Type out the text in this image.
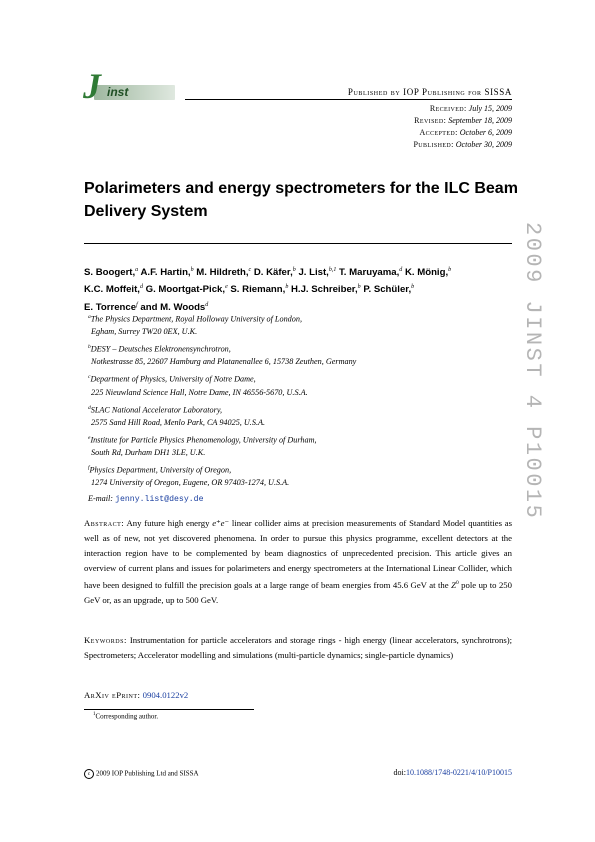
J inst	Published by IOP Publishing for SISSA
Received: July 15, 2009
Revised: September 18, 2009
Accepted: October 6, 2009
Published: October 30, 2009
Polarimeters and energy spectrometers for the ILC Beam Delivery System
2009 JINST 4 P10015
S. Boogert,$^a$ A.F. Hartin,$^b$ M. Hildreth,$^c$ D. Käfer,$^b$ J. List,$^{b,1}$ T. Maruyama,$^d$ K. Mönig,$^b$
K.C. Moffeit,$^d$ G. Moortgat-Pick,$^e$ S. Riemann,$^b$ H.J. Schreiber,$^b$ P. Schüler,$^b$
E. Torrence$^f$ and M. Woods$^d$
$^a$The Physics Department, Royal Holloway University of London,
Egham, Surrey TW20 0EX, U.K.
$^b$DESY – Deutsches Elektronensynchrotron,
Notkestrasse 85, 22607 Hamburg and Platanenallee 6, 15738 Zeuthen, Germany
$^c$Department of Physics, University of Notre Dame,
225 Nieuwland Science Hall, Notre Dame, IN 46556-5670, U.S.A.
$^d$SLAC National Accelerator Laboratory,
2575 Sand Hill Road, Menlo Park, CA 94025, U.S.A.
$^e$Institute for Particle Physics Phenomenology, University of Durham,
South Rd, Durham DH1 3LE, U.K.
$^f$Physics Department, University of Oregon,
1274 University of Oregon, Eugene, OR 97403-1274, U.S.A.
E-mail: jenny.list@desy.de
Abstract: Any future high energy e⁺e⁻ linear collider aims at precision measurements of Standard Model quantities as well as of new, not yet discovered phenomena. In order to pursue this physics programme, excellent detectors at the interaction region have to be complemented by beam diagnostics of unprecedented precision. This article gives an overview of current plans and issues for polarimeters and energy spectrometers at the International Linear Collider, which have been designed to fulfill the precision goals at a large range of beam energies from 45.6 GeV at the $Z^0$ pole up to 250 GeV or, as an upgrade, up to 500 GeV.
Keywords: Instrumentation for particle accelerators and storage rings - high energy (linear accelerators, synchrotrons); Spectrometers; Accelerator modelling and simulations (multi-particle dynamics; single-particle dynamics)
ArXiv ePrint: 0904.0122v2
$^1$Corresponding author.
c 2009 IOP Publishing Ltd and SISSA	doi:10.1088/1748-0221/4/10/P10015
